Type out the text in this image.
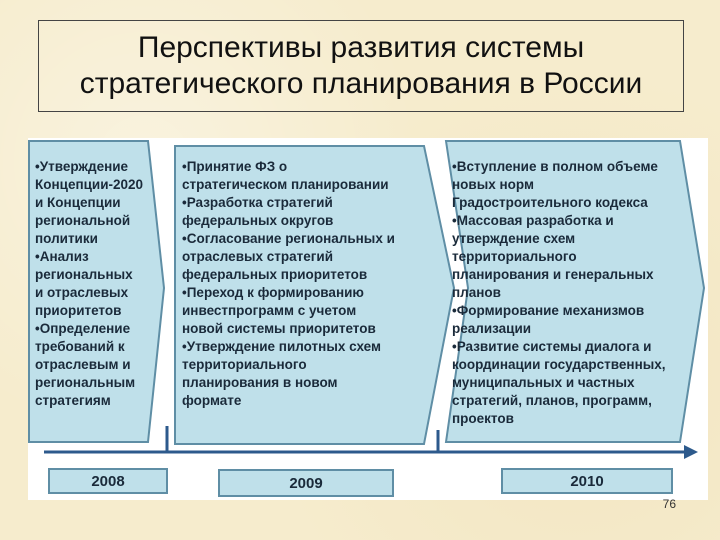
Перспективы развития системы
стратегического планирования в России
•Утверждение
Концепции-2020
и Концепции
региональной
политики
•Анализ
региональных
и отраслевых
приоритетов
•Определение
требований к
отраслевым и
региональным
стратегиям
•Принятие ФЗ о
стратегическом планировании
•Разработка стратегий
федеральных округов
•Согласование региональных и
отраслевых стратегий
федеральных приоритетов
•Переход к формированию
инвестпрограмм с учетом
новой системы приоритетов
•Утверждение пилотных схем
территориального
планирования в новом
формате
•Вступление в полном объеме
новых норм
Градостроительного кодекса
•Массовая разработка и
утверждение схем
территориального
планирования и генеральных
планов
•Формирование механизмов
реализации
•Развитие системы диалога и
координации государственных,
муниципальных и частных
стратегий, планов, программ,
проектов
2008	2009	2010
76
